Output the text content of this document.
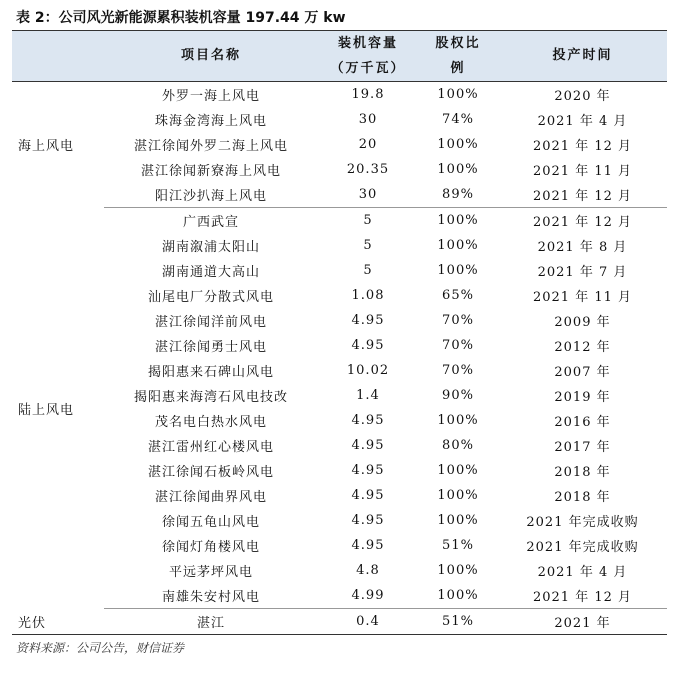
表 2：公司风光新能源累积装机容量 197.44 万 kw
	项目名称	装机容量	股权比	投产时间
		（万千瓦）	例	
海上风电	外罗一海上风电	19.8	100%	2020 年
	珠海金湾海上风电	30	74%	2021 年 4 月
	湛江徐闻外罗二海上风电	20	100%	2021 年 12 月
	湛江徐闻新寮海上风电	20.35	100%	2021 年 11 月
	阳江沙扒海上风电	30	89%	2021 年 12 月
陆上风电	广西武宣	5	100%	2021 年 12 月
	湖南溆浦太阳山	5	100%	2021 年 8 月
	湖南通道大高山	5	100%	2021 年 7 月
	汕尾电厂分散式风电	1.08	65%	2021 年 11 月
	湛江徐闻洋前风电	4.95	70%	2009 年
	湛江徐闻勇士风电	4.95	70%	2012 年
	揭阳惠来石碑山风电	10.02	70%	2007 年
	揭阳惠来海湾石风电技改	1.4	90%	2019 年
	茂名电白热水风电	4.95	100%	2016 年
	湛江雷州红心楼风电	4.95	80%	2017 年
	湛江徐闻石板岭风电	4.95	100%	2018 年
	湛江徐闻曲界风电	4.95	100%	2018 年
	徐闻五龟山风电	4.95	100%	2021 年完成收购
	徐闻灯角楼风电	4.95	51%	2021 年完成收购
	平远茅坪风电	4.8	100%	2021 年 4 月
	南雄朱安村风电	4.99	100%	2021 年 12 月
光伏	湛江	0.4	51%	2021 年
资料来源：公司公告，财信证券
